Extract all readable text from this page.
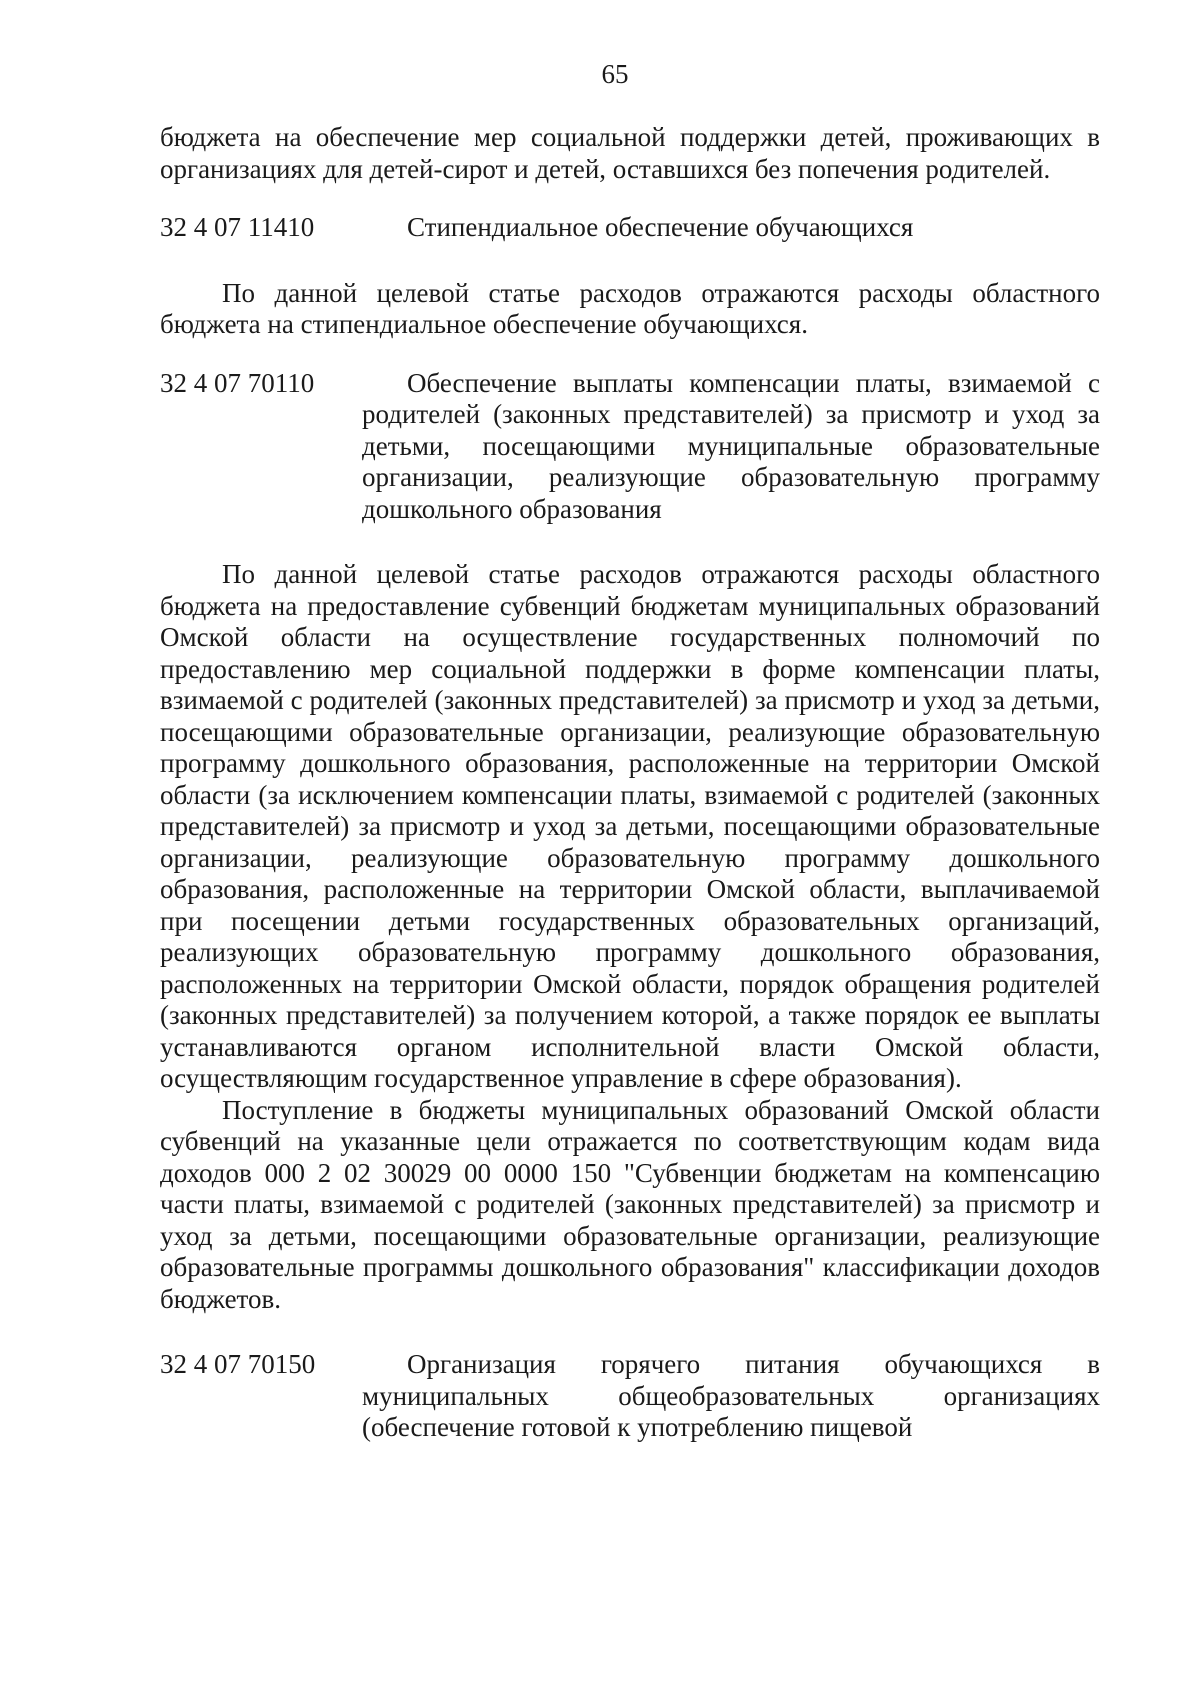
65

бюджета на обеспечение мер социальной поддержки детей, проживающих в организациях для детей-сирот и детей, оставшихся без попечения родителей.

32 4 07 11410	Стипендиальное обеспечение обучающихся

По данной целевой статье расходов отражаются расходы областного бюджета на стипендиальное обеспечение обучающихся.

32 4 07 70110	Обеспечение выплаты компенсации платы, взимаемой с родителей (законных представителей) за присмотр и уход за детьми, посещающими муниципальные образовательные организации, реализующие образовательную программу дошкольного образования

По данной целевой статье расходов отражаются расходы областного бюджета на предоставление субвенций бюджетам муниципальных образований Омской области на осуществление государственных полномочий по предоставлению мер социальной поддержки в форме компенсации платы, взимаемой с родителей (законных представителей) за присмотр и уход за детьми, посещающими образовательные организации, реализующие образовательную программу дошкольного образования, расположенные на территории Омской области (за исключением компенсации платы, взимаемой с родителей (законных представителей) за присмотр и уход за детьми, посещающими образовательные организации, реализующие образовательную программу дошкольного образования, расположенные на территории Омской области, выплачиваемой при посещении детьми государственных образовательных организаций, реализующих образовательную программу дошкольного образования, расположенных на территории Омской области, порядок обращения родителей (законных представителей) за получением которой, а также порядок ее выплаты устанавливаются органом исполнительной власти Омской области, осуществляющим государственное управление в сфере образования).

Поступление в бюджеты муниципальных образований Омской области субвенций на указанные цели отражается по соответствующим кодам вида доходов 000 2 02 30029 00 0000 150 "Субвенции бюджетам на компенсацию части платы, взимаемой с родителей (законных представителей) за присмотр и уход за детьми, посещающими образовательные организации, реализующие образовательные программы дошкольного образования" классификации доходов бюджетов.

32 4 07 70150	Организация горячего питания обучающихся в муниципальных общеобразовательных организациях (обеспечение готовой к употреблению пищевой
